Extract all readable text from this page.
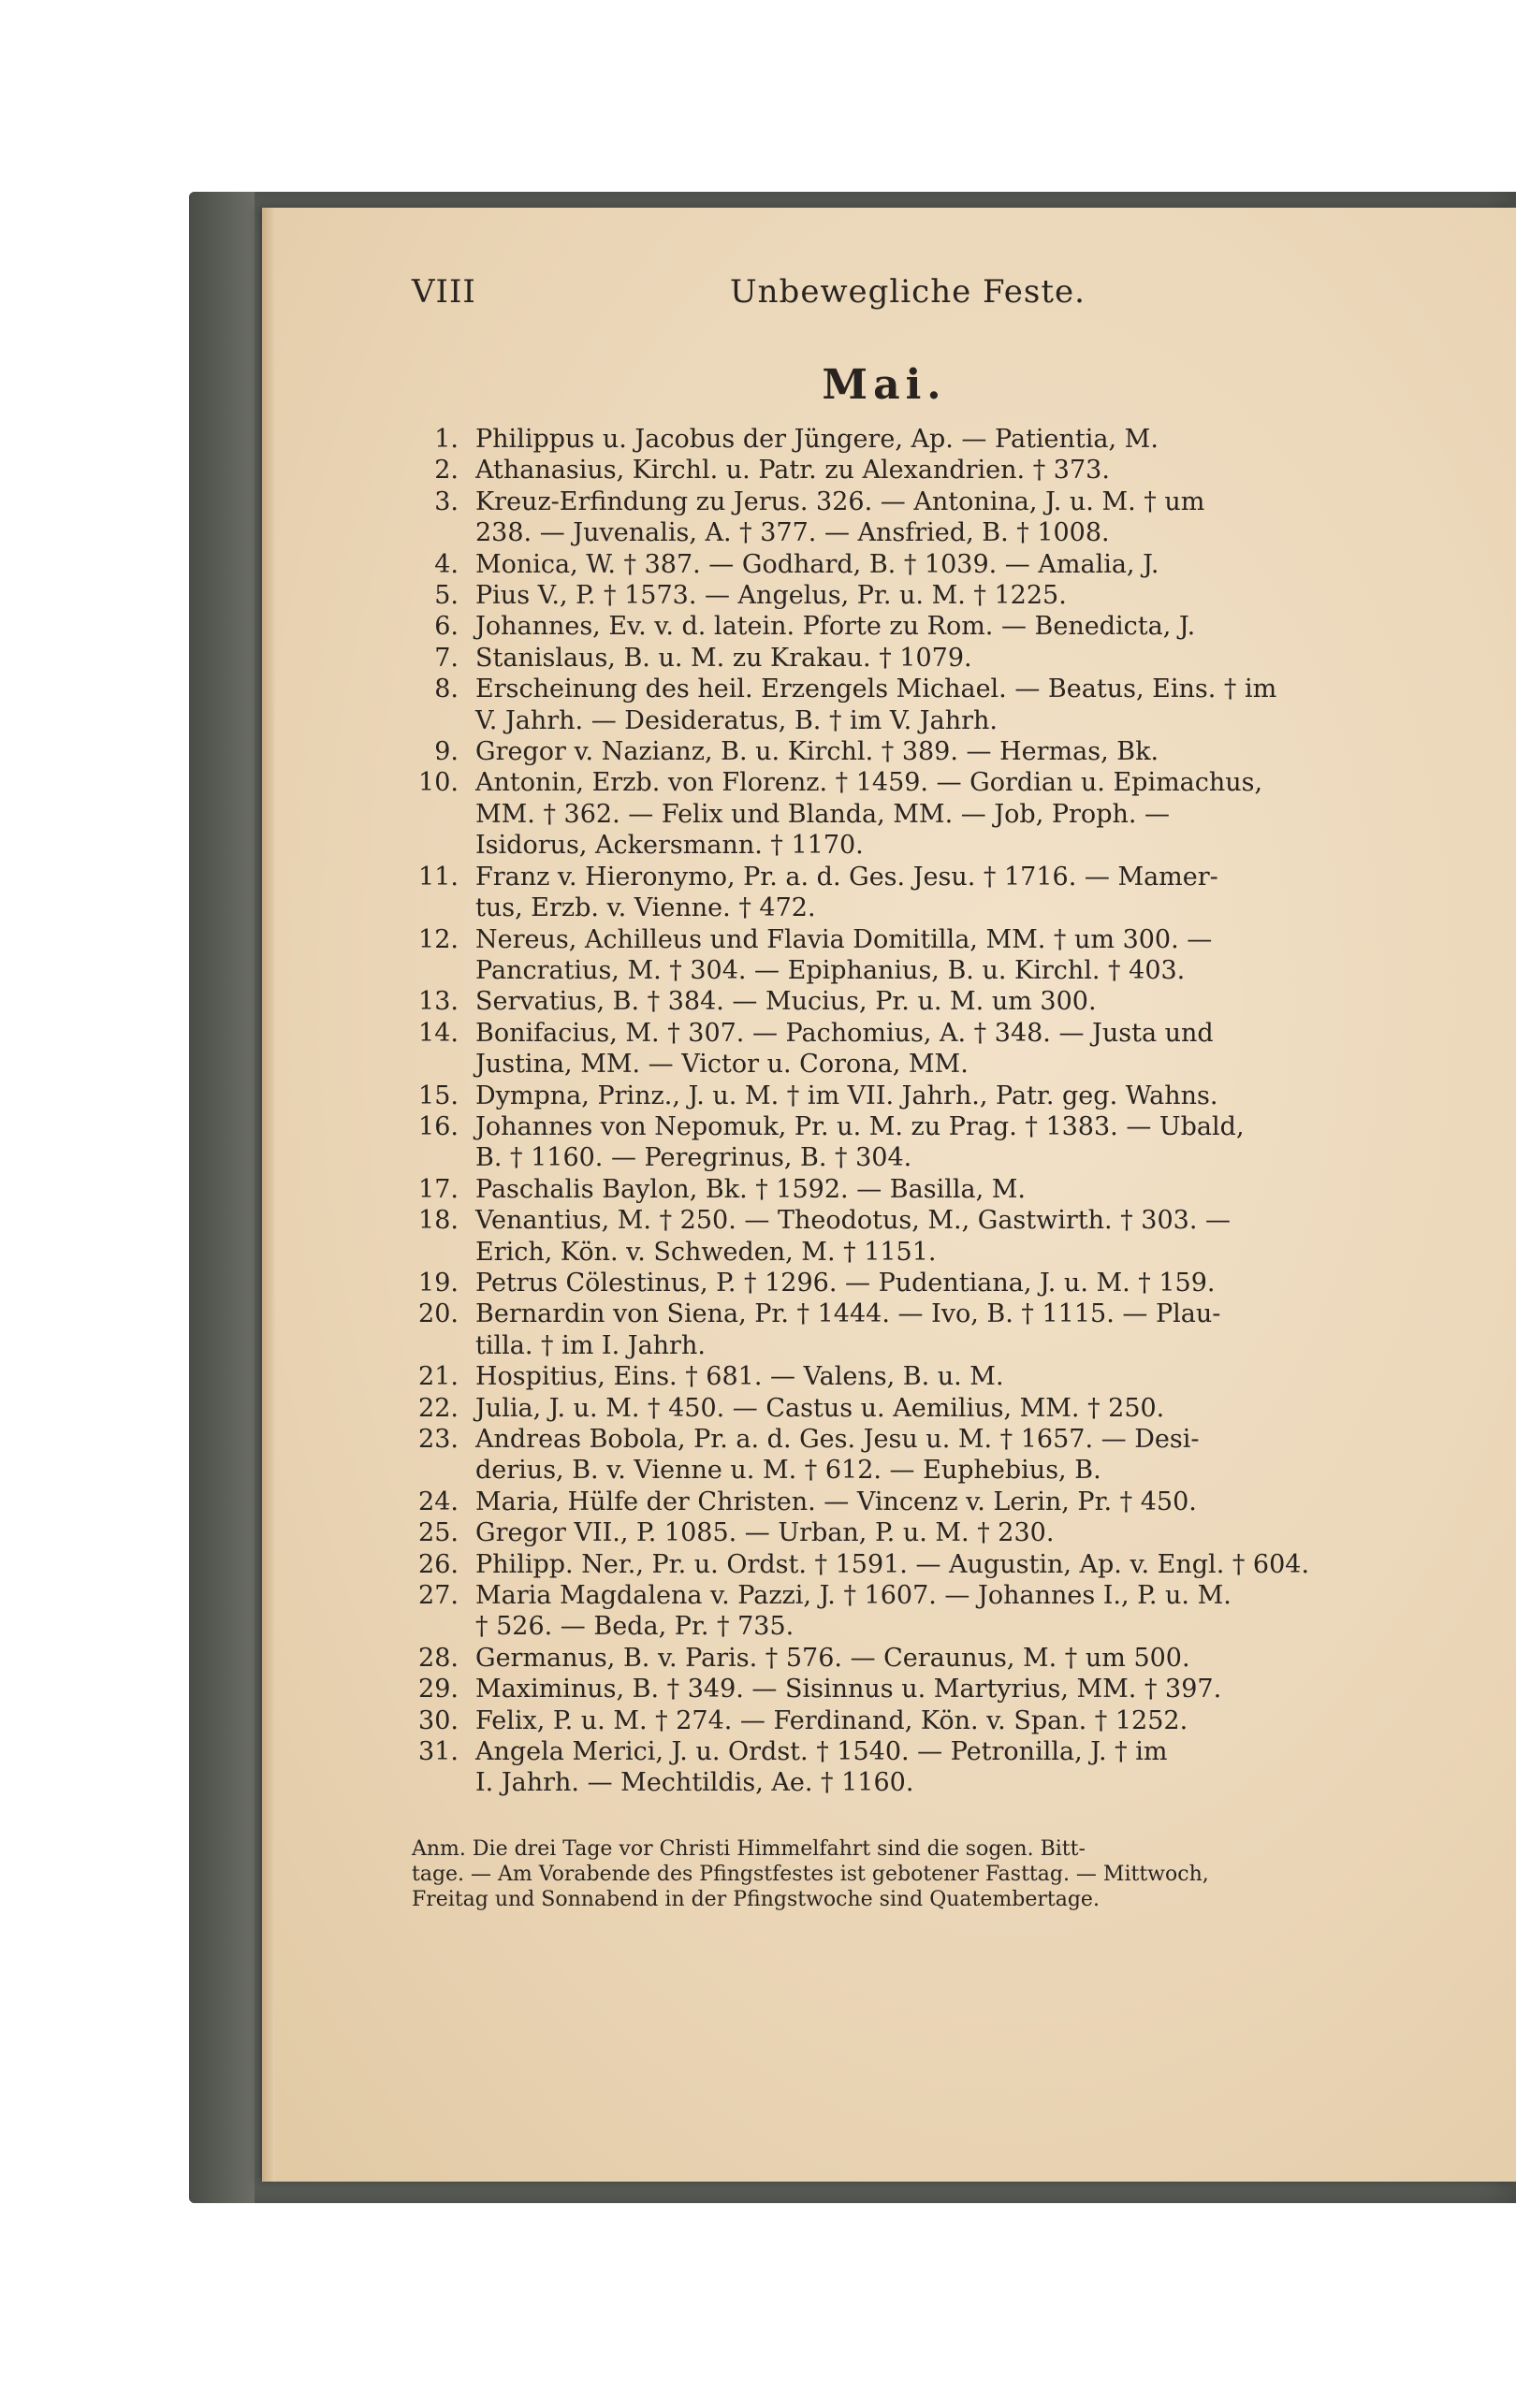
VIII	Unbewegliche Feste.
Mai.
1. Philippus u. Jacobus der Jüngere, Ap. — Patientia, M.
2. Athanasius, Kirchl. u. Patr. zu Alexandrien. † 373.
3. Kreuz-Erfindung zu Jerus. 326. — Antonina, J. u. M. † um
238. — Juvenalis, A. † 377. — Ansfried, B. † 1008.
4. Monica, W. † 387. — Godhard, B. † 1039. — Amalia, J.
5. Pius V., P. † 1573. — Angelus, Pr. u. M. † 1225.
6. Johannes, Ev. v. d. latein. Pforte zu Rom. — Benedicta, J.
7. Stanislaus, B. u. M. zu Krakau. † 1079.
8. Erscheinung des heil. Erzengels Michael. — Beatus, Eins. † im
V. Jahrh. — Desideratus, B. † im V. Jahrh.
9. Gregor v. Nazianz, B. u. Kirchl. † 389. — Hermas, Bk.
10. Antonin, Erzb. von Florenz. † 1459. — Gordian u. Epimachus,
MM. † 362. — Felix und Blanda, MM. — Job, Proph. —
Isidorus, Ackersmann. † 1170.
11. Franz v. Hieronymo, Pr. a. d. Ges. Jesu. † 1716. — Mamer-
tus, Erzb. v. Vienne. † 472.
12. Nereus, Achilleus und Flavia Domitilla, MM. † um 300. —
Pancratius, M. † 304. — Epiphanius, B. u. Kirchl. † 403.
13. Servatius, B. † 384. — Mucius, Pr. u. M. um 300.
14. Bonifacius, M. † 307. — Pachomius, A. † 348. — Justa und
Justina, MM. — Victor u. Corona, MM.
15. Dympna, Prinz., J. u. M. † im VII. Jahrh., Patr. geg. Wahns.
16. Johannes von Nepomuk, Pr. u. M. zu Prag. † 1383. — Ubald,
B. † 1160. — Peregrinus, B. † 304.
17. Paschalis Baylon, Bk. † 1592. — Basilla, M.
18. Venantius, M. † 250. — Theodotus, M., Gastwirth. † 303. —
Erich, Kön. v. Schweden, M. † 1151.
19. Petrus Cölestinus, P. † 1296. — Pudentiana, J. u. M. † 159.
20. Bernardin von Siena, Pr. † 1444. — Ivo, B. † 1115. — Plau-
tilla. † im I. Jahrh.
21. Hospitius, Eins. † 681. — Valens, B. u. M.
22. Julia, J. u. M. † 450. — Castus u. Aemilius, MM. † 250.
23. Andreas Bobola, Pr. a. d. Ges. Jesu u. M. † 1657. — Desi-
derius, B. v. Vienne u. M. † 612. — Euphebius, B.
24. Maria, Hülfe der Christen. — Vincenz v. Lerin, Pr. † 450.
25. Gregor VII., P. 1085. — Urban, P. u. M. † 230.
26. Philipp. Ner., Pr. u. Ordst. † 1591. — Augustin, Ap. v. Engl. † 604.
27. Maria Magdalena v. Pazzi, J. † 1607. — Johannes I., P. u. M.
† 526. — Beda, Pr. † 735.
28. Germanus, B. v. Paris. † 576. — Ceraunus, M. † um 500.
29. Maximinus, B. † 349. — Sisinnus u. Martyrius, MM. † 397.
30. Felix, P. u. M. † 274. — Ferdinand, Kön. v. Span. † 1252.
31. Angela Merici, J. u. Ordst. † 1540. — Petronilla, J. † im
I. Jahrh. — Mechtildis, Ae. † 1160.
Anm. Die drei Tage vor Christi Himmelfahrt sind die sogen. Bitt-
tage. — Am Vorabende des Pfingstfestes ist gebotener Fasttag. — Mittwoch,
Freitag und Sonnabend in der Pfingstwoche sind Quatembertage.
